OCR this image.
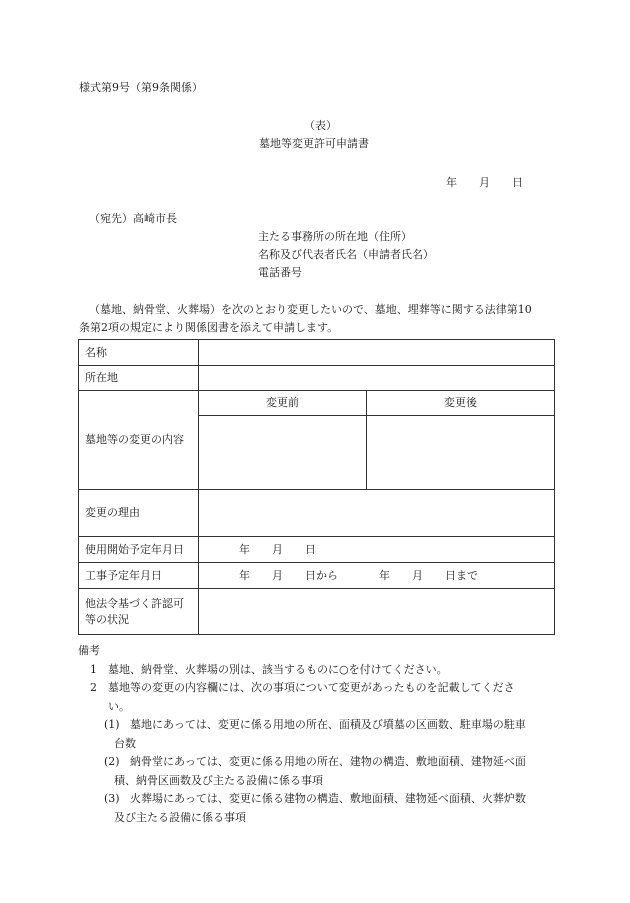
様式第9号（第9条関係）
（表）
墓地等変更許可申請書
年　　月　　日
（宛先）高崎市長
主たる事務所の所在地（住所）
名称及び代表者氏名（申請者氏名）
電話番号
（墓地、納骨堂、火葬場）を次のとおり変更したいので、墓地、埋葬等に関する法律第10
条第2項の規定により関係図書を添えて申請します。
名称		
所在地		
墓地等の変更の内容	変更前	変更後

変更の理由		
使用開始予定年月日	年　　月　　日	
工事予定年月日	年　　月　　日から 年　　月　　日まで	

他法令基づく許認可
等の状況		

備考
1 墓地、納骨堂、火葬場の別は、該当するものに○を付けてください。
2 墓地等の変更の内容欄には、次の事項について変更があったものを記載してくださ
い。
(1) 墓地にあっては、変更に係る用地の所在、面積及び墳墓の区画数、駐車場の駐車
台数
(2) 納骨堂にあっては、変更に係る用地の所在、建物の構造、敷地面積、建物延べ面
積、納骨区画数及び主たる設備に係る事項
(3) 火葬場にあっては、変更に係る建物の構造、敷地面積、建物延べ面積、火葬炉数
及び主たる設備に係る事項
